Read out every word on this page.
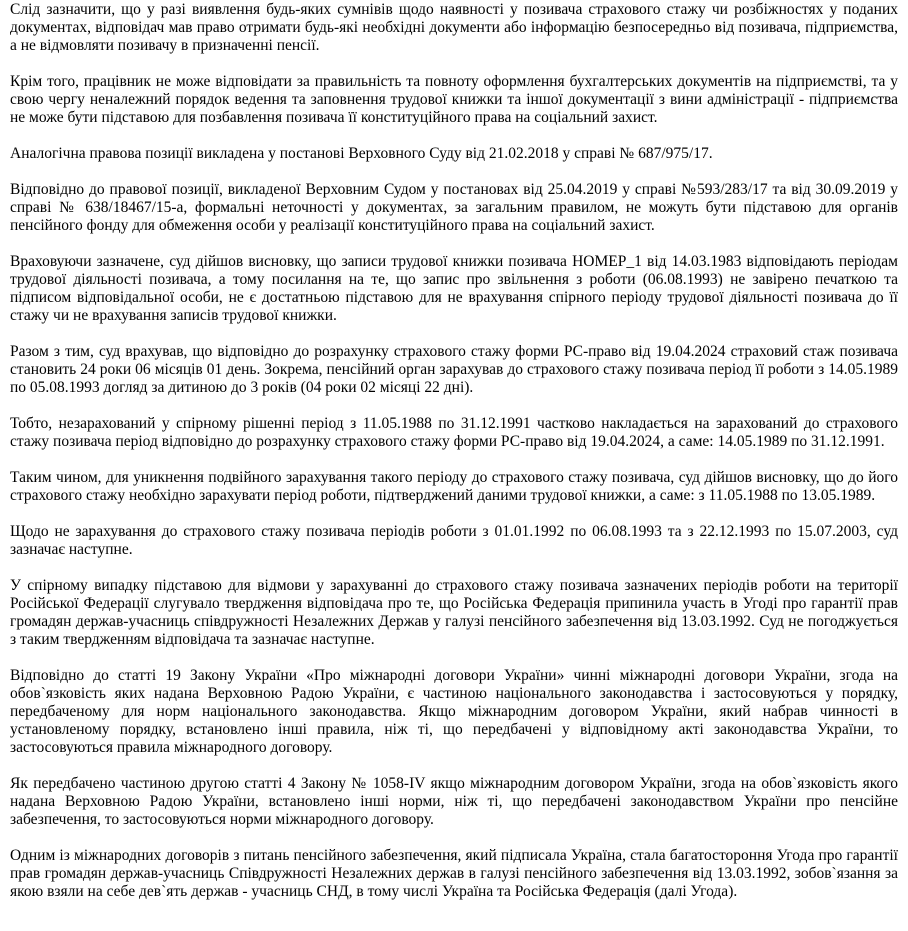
Слід зазначити, що у разі виявлення будь-яких сумнівів щодо наявності у позивача страхового стажу чи розбіжностях у поданих документах, відповідач мав право отримати будь-які необхідні документи або інформацію безпосередньо від позивача, підприємства, а не відмовляти позивачу в призначенні пенсії.

Крім того, працівник не може відповідати за правильність та повноту оформлення бухгалтерських документів на підприємстві, та у свою чергу неналежний порядок ведення та заповнення трудової книжки та іншої документації з вини адміністрації - підприємства не може бути підставою для позбавлення позивача її конституційного права на соціальний захист.

Аналогічна правова позиції викладена у постанові Верховного Суду від 21.02.2018 у справі № 687/975/17.

Відповідно до правової позиції, викладеної Верховним Судом у постановах від 25.04.2019 у справі №593/283/17 та від 30.09.2019 у справі № 638/18467/15-а, формальні неточності у документах, за загальним правилом, не можуть бути підставою для органів пенсійного фонду для обмеження особи у реалізації конституційного права на соціальний захист.

Враховуючи зазначене, суд дійшов висновку, що записи трудової книжки позивача НОМЕР_1 від 14.03.1983 відповідають періодам трудової діяльності позивача, а тому посилання на те, що запис про звільнення з роботи (06.08.1993) не завірено печаткою та підписом відповідальної особи, не є достатньою підставою для не врахування спірного періоду трудової діяльності позивача до її стажу чи не врахування записів трудової книжки.

Разом з тим, суд врахував, що відповідно до розрахунку страхового стажу форми РС-право від 19.04.2024 страховий стаж позивача становить 24 роки 06 місяців 01 день. Зокрема, пенсійний орган зарахував до страхового стажу позивача період її роботи з 14.05.1989 по 05.08.1993 догляд за дитиною до 3 років (04 роки 02 місяці 22 дні).

Тобто, незарахований у спірному рішенні період з 11.05.1988 по 31.12.1991 частково накладається на зарахований до страхового стажу позивача період відповідно до розрахунку страхового стажу форми РС-право від 19.04.2024, а саме: 14.05.1989 по 31.12.1991.

Таким чином, для уникнення подвійного зарахування такого періоду до страхового стажу позивача, суд дійшов висновку, що до його страхового стажу необхідно зарахувати період роботи, підтверджений даними трудової книжки, а саме: з 11.05.1988 по 13.05.1989.

Щодо не зарахування до страхового стажу позивача періодів роботи з 01.01.1992 по 06.08.1993 та з 22.12.1993 по 15.07.2003, суд зазначає наступне.

У спірному випадку підставою для відмови у зарахуванні до страхового стажу позивача зазначених періодів роботи на території Російської Федерації слугувало твердження відповідача про те, що Російська Федерація припинила участь в Угоді про гарантії прав громадян держав-учасниць співдружності Незалежних Держав у галузі пенсійного забезпечення від 13.03.1992. Суд не погоджується з таким твердженням відповідача та зазначає наступне.

Відповідно до статті 19 Закону України «Про міжнародні договори України» чинні міжнародні договори України, згода на обов`язковість яких надана Верховною Радою України, є частиною національного законодавства і застосовуються у порядку, передбаченому для норм національного законодавства. Якщо міжнародним договором України, який набрав чинності в установленому порядку, встановлено інші правила, ніж ті, що передбачені у відповідному акті законодавства України, то застосовуються правила міжнародного договору.

Як передбачено частиною другою статті 4 Закону № 1058-IV якщо міжнародним договором України, згода на обов`язковість якого надана Верховною Радою України, встановлено інші норми, ніж ті, що передбачені законодавством України про пенсійне забезпечення, то застосовуються норми міжнародного договору.

Одним із міжнародних договорів з питань пенсійного забезпечення, який підписала Україна, стала багатостороння Угода про гарантії прав громадян держав-учасниць Співдружності Незалежних держав в галузі пенсійного забезпечення від 13.03.1992, зобов`язання за якою взяли на себе дев`ять держав - учасниць СНД, в тому числі Україна та Російська Федерація (далі Угода).
